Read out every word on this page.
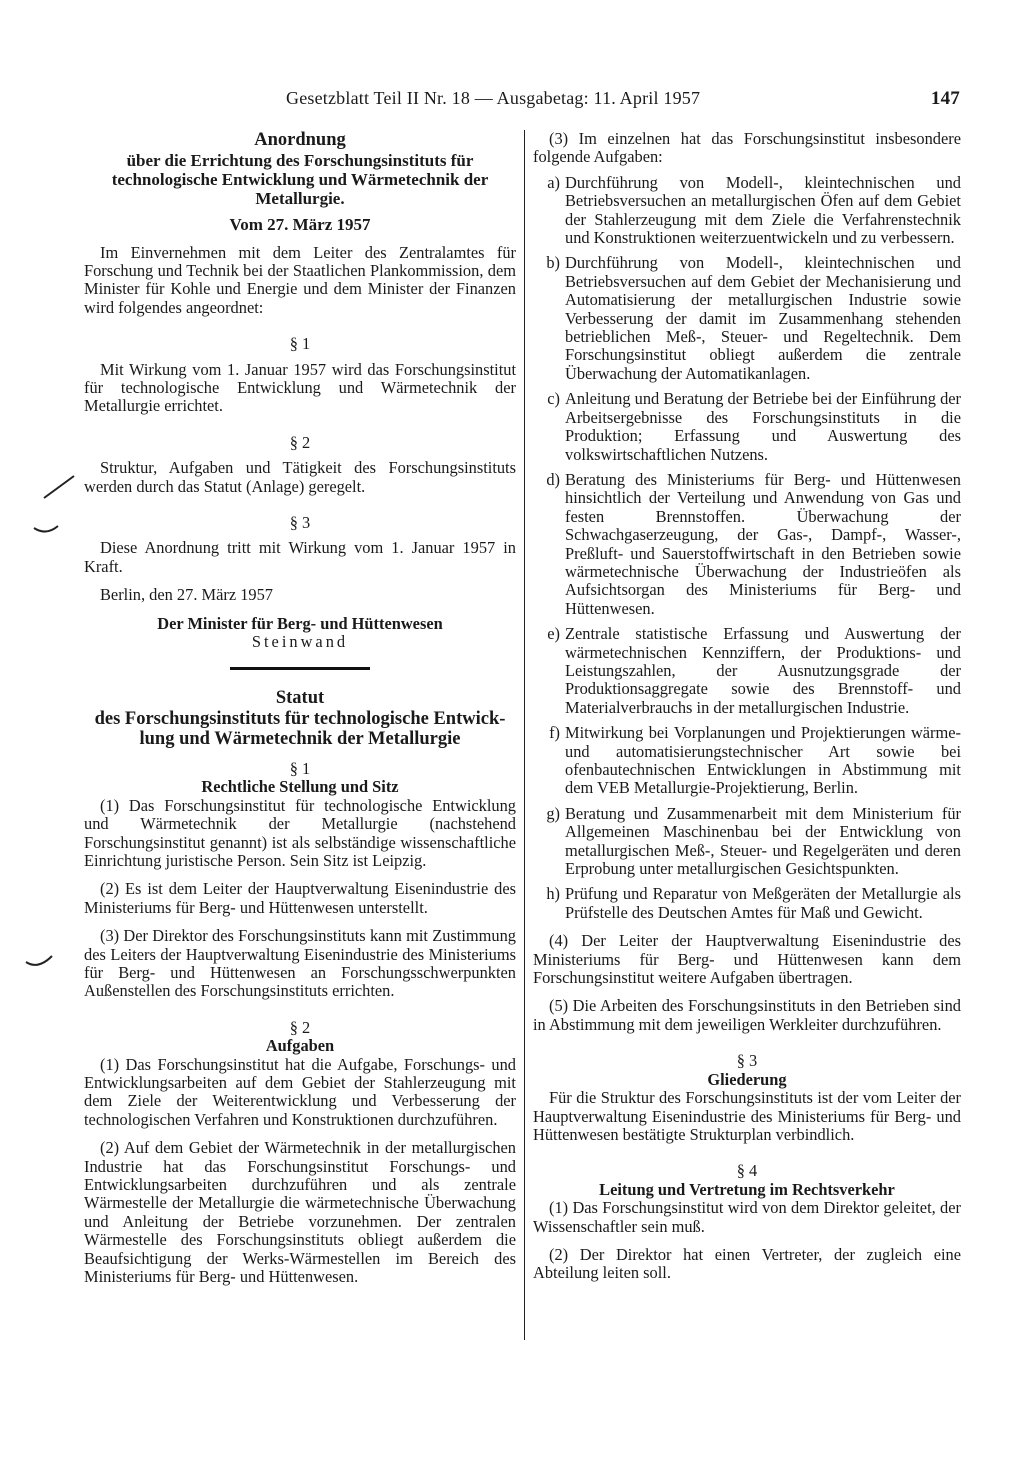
Gesetzblatt Teil II Nr. 18 — Ausgabetag: 11. April 1957	147

Anordnung

über die Errichtung des Forschungsinstituts für

technologische Entwicklung und Wärmetechnik der

Metallurgie.

Vom 27. März 1957

Im Einvernehmen mit dem Leiter des Zentralamtes für Forschung und Technik bei der Staatlichen Plankommission, dem Minister für Kohle und Energie und dem Minister der Finanzen wird folgendes angeordnet:

§ 1

Mit Wirkung vom 1. Januar 1957 wird das Forschungsinstitut für technologische Entwicklung und Wärmetechnik der Metallurgie errichtet.

§ 2

Struktur, Aufgaben und Tätigkeit des Forschungsinstituts werden durch das Statut (Anlage) geregelt.

§ 3

Diese Anordnung tritt mit Wirkung vom 1. Januar 1957 in Kraft.

Berlin, den 27. März 1957

Der Minister für Berg- und Hüttenwesen

Steinwand

Statut

des Forschungsinstituts für technologische Entwick-

lung und Wärmetechnik der Metallurgie

§ 1

Rechtliche Stellung und Sitz

(1) Das Forschungsinstitut für technologische Entwicklung und Wärmetechnik der Metallurgie (nachstehend Forschungsinstitut genannt) ist als selbständige wissenschaftliche Einrichtung juristische Person. Sein Sitz ist Leipzig.

(2) Es ist dem Leiter der Hauptverwaltung Eisenindustrie des Ministeriums für Berg- und Hüttenwesen unterstellt.

(3) Der Direktor des Forschungsinstituts kann mit Zustimmung des Leiters der Hauptverwaltung Eisenindustrie des Ministeriums für Berg- und Hüttenwesen an Forschungsschwerpunkten Außenstellen des Forschungsinstituts errichten.

§ 2

Aufgaben

(1) Das Forschungsinstitut hat die Aufgabe, Forschungs- und Entwicklungsarbeiten auf dem Gebiet der Stahlerzeugung mit dem Ziele der Weiterentwicklung und Verbesserung der technologischen Verfahren und Konstruktionen durchzuführen.

(2) Auf dem Gebiet der Wärmetechnik in der metallurgischen Industrie hat das Forschungsinstitut Forschungs- und Entwicklungsarbeiten durchzuführen und als zentrale Wärmestelle der Metallurgie die wärmetechnische Überwachung und Anleitung der Betriebe vorzunehmen. Der zentralen Wärmestelle des Forschungsinstituts obliegt außerdem die Beaufsichtigung der Werks-Wärmestellen im Bereich des Ministeriums für Berg- und Hüttenwesen.

(3) Im einzelnen hat das Forschungsinstitut insbesondere folgende Aufgaben:

a) Durchführung von Modell-, kleintechnischen und Betriebsversuchen an metallurgischen Öfen auf dem Gebiet der Stahlerzeugung mit dem Ziele die Verfahrenstechnik und Konstruktionen weiterzuentwickeln und zu verbessern.
b) Durchführung von Modell-, kleintechnischen und Betriebsversuchen auf dem Gebiet der Mechanisierung und Automatisierung der metallurgischen Industrie sowie Verbesserung der damit im Zusammenhang stehenden betrieblichen Meß-, Steuer- und Regeltechnik. Dem Forschungsinstitut obliegt außerdem die zentrale Überwachung der Automatikanlagen.
c) Anleitung und Beratung der Betriebe bei der Einführung der Arbeitsergebnisse des Forschungsinstituts in die Produktion; Erfassung und Auswertung des volkswirtschaftlichen Nutzens.
d) Beratung des Ministeriums für Berg- und Hüttenwesen hinsichtlich der Verteilung und Anwendung von Gas und festen Brennstoffen. Überwachung der Schwachgaserzeugung, der Gas-, Dampf-, Wasser-, Preßluft- und Sauerstoffwirtschaft in den Betrieben sowie wärmetechnische Überwachung der Industrieöfen als Aufsichtsorgan des Ministeriums für Berg- und Hüttenwesen.
e) Zentrale statistische Erfassung und Auswertung der wärmetechnischen Kennziffern, der Produktions- und Leistungszahlen, der Ausnutzungsgrade der Produktionsaggregate sowie des Brennstoff- und Materialverbrauchs in der metallurgischen Industrie.
f) Mitwirkung bei Vorplanungen und Projektierungen wärme- und automatisierungstechnischer Art sowie bei ofenbautechnischen Entwicklungen in Abstimmung mit dem VEB Metallurgie-Projektierung, Berlin.
g) Beratung und Zusammenarbeit mit dem Ministerium für Allgemeinen Maschinenbau bei der Entwicklung von metallurgischen Meß-, Steuer- und Regelgeräten und deren Erprobung unter metallurgischen Gesichtspunkten.
h) Prüfung und Reparatur von Meßgeräten der Metallurgie als Prüfstelle des Deutschen Amtes für Maß und Gewicht.

(4) Der Leiter der Hauptverwaltung Eisenindustrie des Ministeriums für Berg- und Hüttenwesen kann dem Forschungsinstitut weitere Aufgaben übertragen.

(5) Die Arbeiten des Forschungsinstituts in den Betrieben sind in Abstimmung mit dem jeweiligen Werkleiter durchzuführen.

§ 3

Gliederung

Für die Struktur des Forschungsinstituts ist der vom Leiter der Hauptverwaltung Eisenindustrie des Ministeriums für Berg- und Hüttenwesen bestätigte Strukturplan verbindlich.

§ 4

Leitung und Vertretung im Rechtsverkehr

(1) Das Forschungsinstitut wird von dem Direktor geleitet, der Wissenschaftler sein muß.

(2) Der Direktor hat einen Vertreter, der zugleich eine Abteilung leiten soll.
